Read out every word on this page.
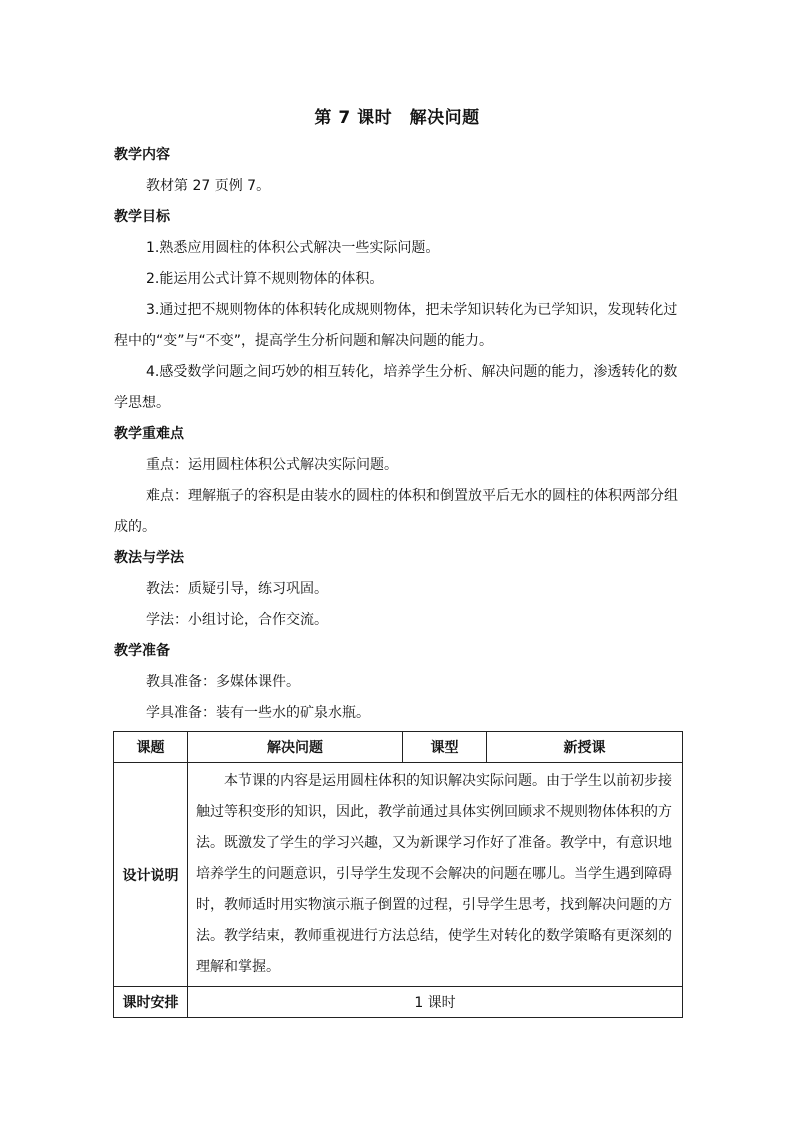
第 7 课时　解决问题
教学内容
教材第 27 页例 7。
教学目标
1.熟悉应用圆柱的体积公式解决一些实际问题。
2.能运用公式计算不规则物体的体积。
3.通过把不规则物体的体积转化成规则物体，把未学知识转化为已学知识，发现转化过程中的“变”与“不变”，提高学生分析问题和解决问题的能力。
4.感受数学问题之间巧妙的相互转化，培养学生分析、解决问题的能力，渗透转化的数学思想。
教学重难点
重点：运用圆柱体积公式解决实际问题。
难点：理解瓶子的容积是由装水的圆柱的体积和倒置放平后无水的圆柱的体积两部分组成的。
教法与学法
教法：质疑引导，练习巩固。
学法：小组讨论，合作交流。
教学准备
教具准备：多媒体课件。
学具准备：装有一些水的矿泉水瓶。
课题	解决问题	课型	新授课
设计说明	本节课的内容是运用圆柱体积的知识解决实际问题。由于学生以前初步接触过等积变形的知识，因此，教学前通过具体实例回顾求不规则物体体积的方法。既激发了学生的学习兴趣，又为新课学习作好了准备。教学中，有意识地培养学生的问题意识，引导学生发现不会解决的问题在哪儿。当学生遇到障碍时，教师适时用实物演示瓶子倒置的过程，引导学生思考，找到解决问题的方法。教学结束，教师重视进行方法总结，使学生对转化的数学策略有更深刻的理解和掌握。		
课时安排	1 课时		
